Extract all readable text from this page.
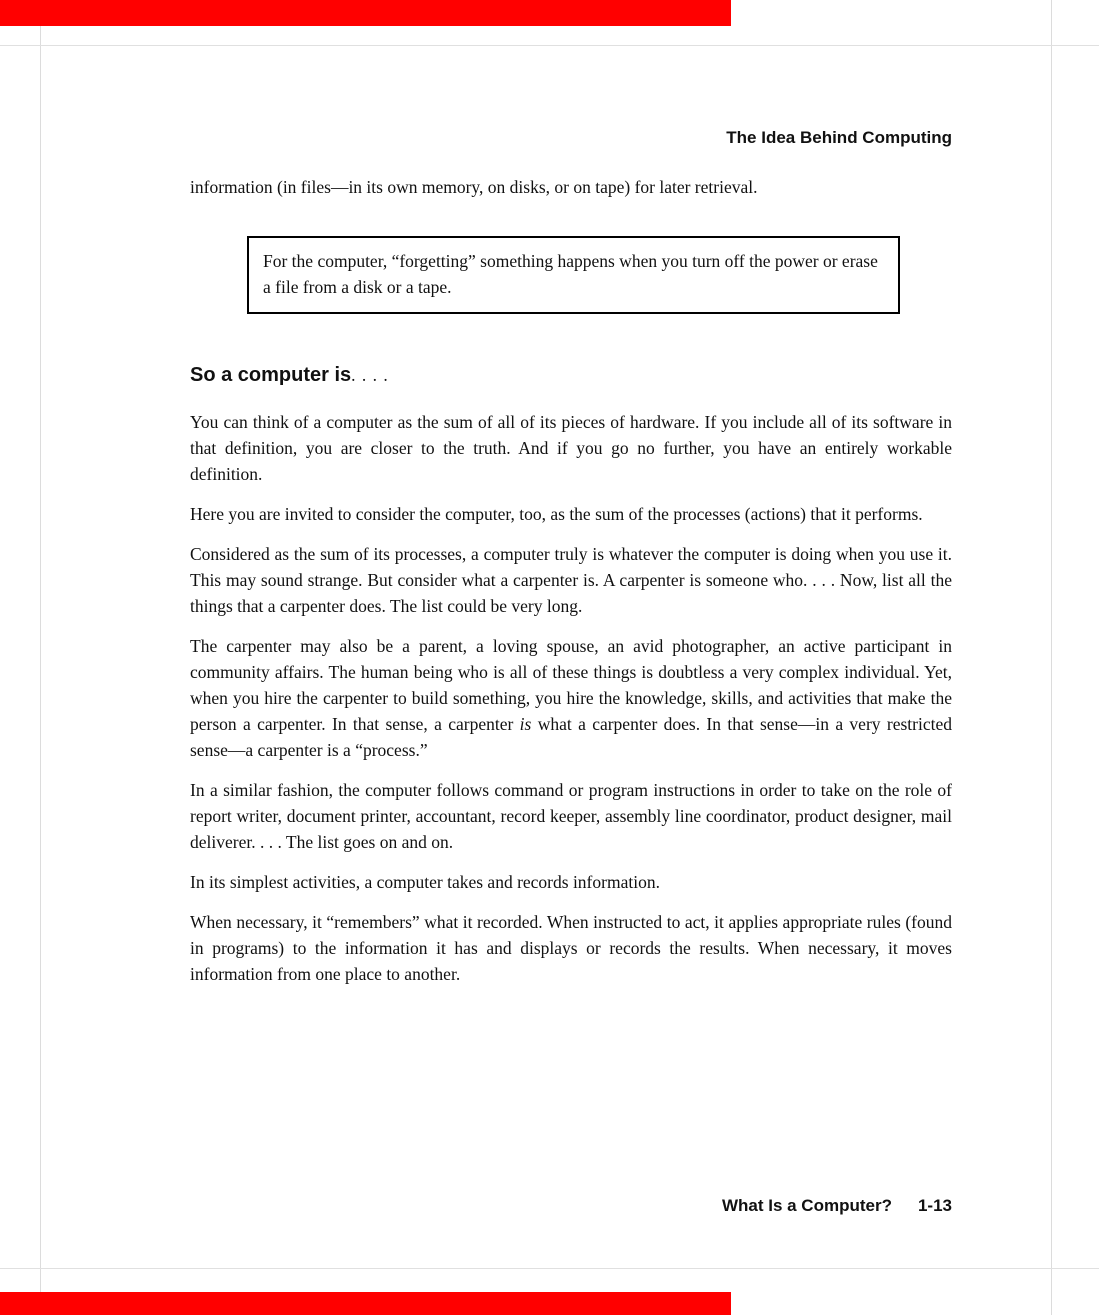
The Idea Behind Computing

information (in files—in its own memory, on disks, or on tape) for later retrieval.

For the computer, “forgetting” something happens when you turn off the power or erase a file from a disk or a tape.
So a computer is. . . .

You can think of a computer as the sum of all of its pieces of hardware. If you include all of its software in that definition, you are closer to the truth. And if you go no further, you have an entirely workable definition.

Here you are invited to consider the computer, too, as the sum of the processes (actions) that it performs.

Considered as the sum of its processes, a computer truly is whatever the computer is doing when you use it. This may sound strange. But consider what a carpenter is. A carpenter is someone who. . . . Now, list all the things that a carpenter does. The list could be very long.

The carpenter may also be a parent, a loving spouse, an avid photographer, an active participant in community affairs. The human being who is all of these things is doubtless a very complex individual. Yet, when you hire the carpenter to build something, you hire the knowledge, skills, and activities that make the person a carpenter. In that sense, a carpenter is what a carpenter does. In that sense—in a very restricted sense—a carpenter is a “process.”

In a similar fashion, the computer follows command or program instructions in order to take on the role of report writer, document printer, accountant, record keeper, assembly line coordinator, product designer, mail deliverer. . . . The list goes on and on.

In its simplest activities, a computer takes and records information.

When necessary, it “remembers” what it recorded. When instructed to act, it applies appropriate rules (found in programs) to the information it has and displays or records the results. When necessary, it moves information from one place to another.

What Is a Computer? 1-13
